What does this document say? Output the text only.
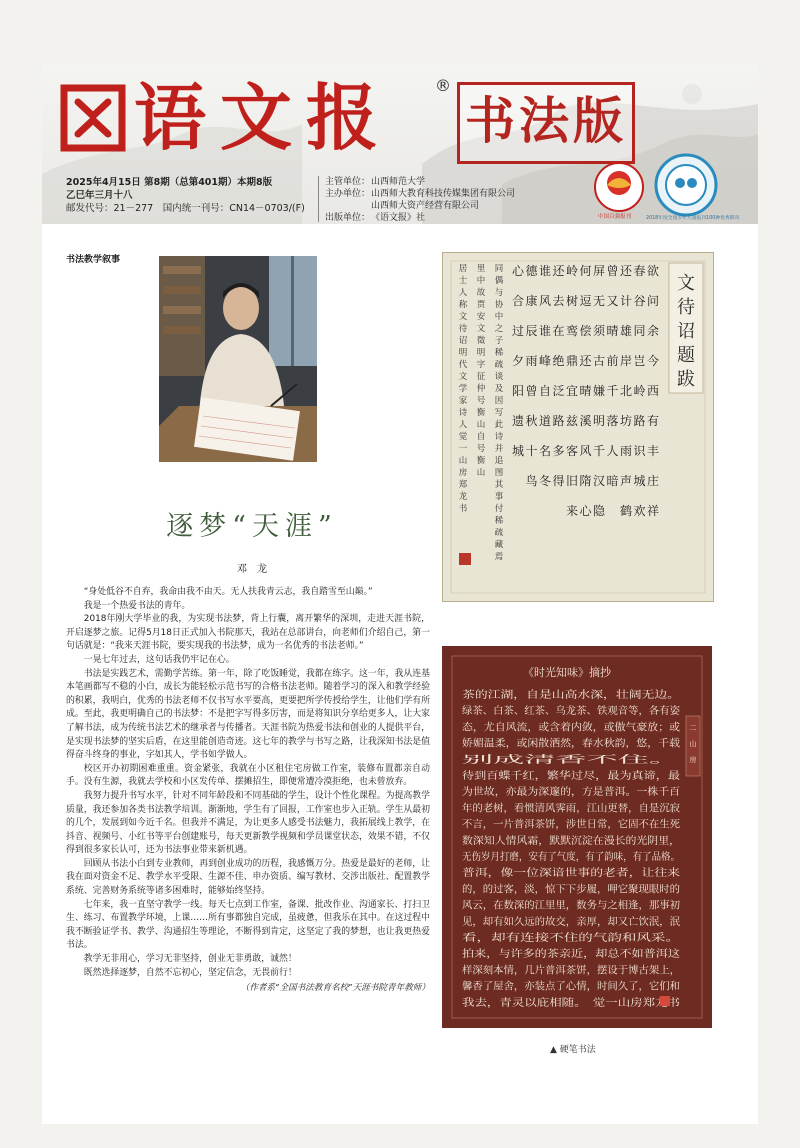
语文报	®
书法版
中国百强报刊	2018年度全国少年儿童报刊100种优秀期刊
2025年4月15日 第8期（总第401期）本期8版
乙巳年三月十八
邮发代号：21－277　国内统一刊号：CN14－0703/(F)
主管单位：山西师范大学
主办单位：山西师大教育科技传媒集团有限公司
山西师大资产经营有限公司
出版单位：《语文报》社
书法教学叙事
逐梦“天涯”
邓　龙

“身处低谷不自弃，我命由我不由天。无人扶我青云志，我自踏雪至山巅。”

我是一个热爱书法的青年。

2018年刚大学毕业的我，为实现书法梦，背上行囊，离开繁华的深圳，走进天涯书院，开启逐梦之旅。记得5月18日正式加入书院那天，我站在总部讲台，向老师们介绍自己，第一句话就是：“我来天涯书院，要实现我的书法梦，成为一名优秀的书法老师。”

一晃七年过去，这句话我仍牢记在心。

书法是实践艺术，需勤学苦练。第一年，除了吃饭睡觉，我都在练字。这一年，我从连基本笔画都写不稳的小白，成长为能轻松示范书写的合格书法老师。随着学习的深入和教学经验的积累，我明白，优秀的书法老师不仅书写水平要高，更要把所学传授给学生，让他们学有所成。至此，我更明确自己的书法梦：不是把字写得多厉害，而是将知识分享给更多人，让大家了解书法，成为传统书法艺术的继承者与传播者。天涯书院为热爱书法和创业的人提供平台，是实现书法梦的坚实后盾，在这里能创造奇迹。这七年的教学与书写之路，让我深知书法是值得奋斗终身的事业，字如其人，学书如学做人。

校区开办初期困难重重。资金紧张，我就在小区租住宅房做工作室，装修布置都亲自动手。没有生源，我就去学校和小区发传单、摆摊招生，即便常遭冷漠拒绝，也未曾放弃。

我努力提升书写水平，针对不同年龄段和不同基础的学生，设计个性化课程。为提高教学质量，我还参加各类书法教学培训。渐渐地，学生有了回报，工作室也步入正轨。学生从最初的几个，发展到如今近千名。但我并不满足，为让更多人感受书法魅力，我拓展线上教学，在抖音、视频号、小红书等平台创建账号，每天更新教学视频和学员课堂状态，效果不错，不仅得到很多家长认可，还为书法事业带来新机遇。

回顾从书法小白到专业教师，再到创业成功的历程，我感慨万分。热爱是最好的老师，让我在面对资金不足、教学水平受限、生源不佳、申办资质、编写教材、交涉出版社、配置教学系统、完善财务系统等诸多困难时，能够始终坚持。

七年来，我一直坚守教学一线。每天七点到工作室，备课、批改作业、沟通家长、打扫卫生、练习、布置教学环境，上课……所有事都独自完成，虽疲惫，但我乐在其中。在这过程中我不断验证学书、教学、沟通招生等理论，不断得到肯定，这坚定了我的梦想，也让我更热爱书法。

教学无非用心，学习无非坚持，创业无非勇敢，诚然！

既然选择逐梦，自然不忘初心，坚定信念，无畏前行！

（作者系“全国书法教育名校”天涯书院青年教师）

文
待
诏
题
跋
欲问余今西有丰庄祥
春谷同岂岭路识城欢
还计雄岸北坊雨声鹤
曾又晴前千落人暗
屏无须古嫌明千汉隐
何逗偿还晴溪风隋心
岭树鸾鼎宜兹客旧来
还去在绝泛路多得
谁风谁峰自道名冬
德康辰雨曾秋十鸟
心合过夕阳遗城
同偶与协中之子稀疏谈及因写此诗并追图其事付稀疏藏焉
里中故贾安文徵明字征仲号衡山自号衡山
居士人称文待诏明代文学家诗人觉一山房郑龙书
《时光知味》摘抄
茶的江湖，自是山高水深，壮阔无边。
绿茶、白茶、红茶、乌龙茶、铁观音等，各有姿
态，尤自风流，或含着内敛，或傲气豪放；或
娇媚温柔，或闲散洒然，春水秋韵，悠，千载
别成清香不住。
待到百蝶千红，繁华过尽，最为真谛，最
为世故，亦最为深邃的，方是普洱。一株千百
年的老树，看惯清风霁雨，江山更替，自是沉寂
不言，一片普洱茶饼，涉世日常，它固不在生死
数深知人情风霜，默默沉淀在漫长的光阴里，
无伤岁月打磨，安有了气度，有了韵味，有了品格。
普洱，像一位深谙世事的老者，让往来
的，的过客，淡，惊下下步履，呷它聚现眼时的
风云，在数深的江里里，数务与之相逢，那事初
见，却有如久远的故交，亲厚，却又亡饮泯，泯
看，却有连接不住的气韵和风采。
拍来，与许多的茶亲近，却总不如普洱这
样深刻本情，几片普洱茶饼，摆设于博古架上，
馨香了屋舍，亦装点了心情，时间久了，它们和
我去，青灵以庇相随。　觉一山房郑龙书
二山房
▲ 硬笔书法
